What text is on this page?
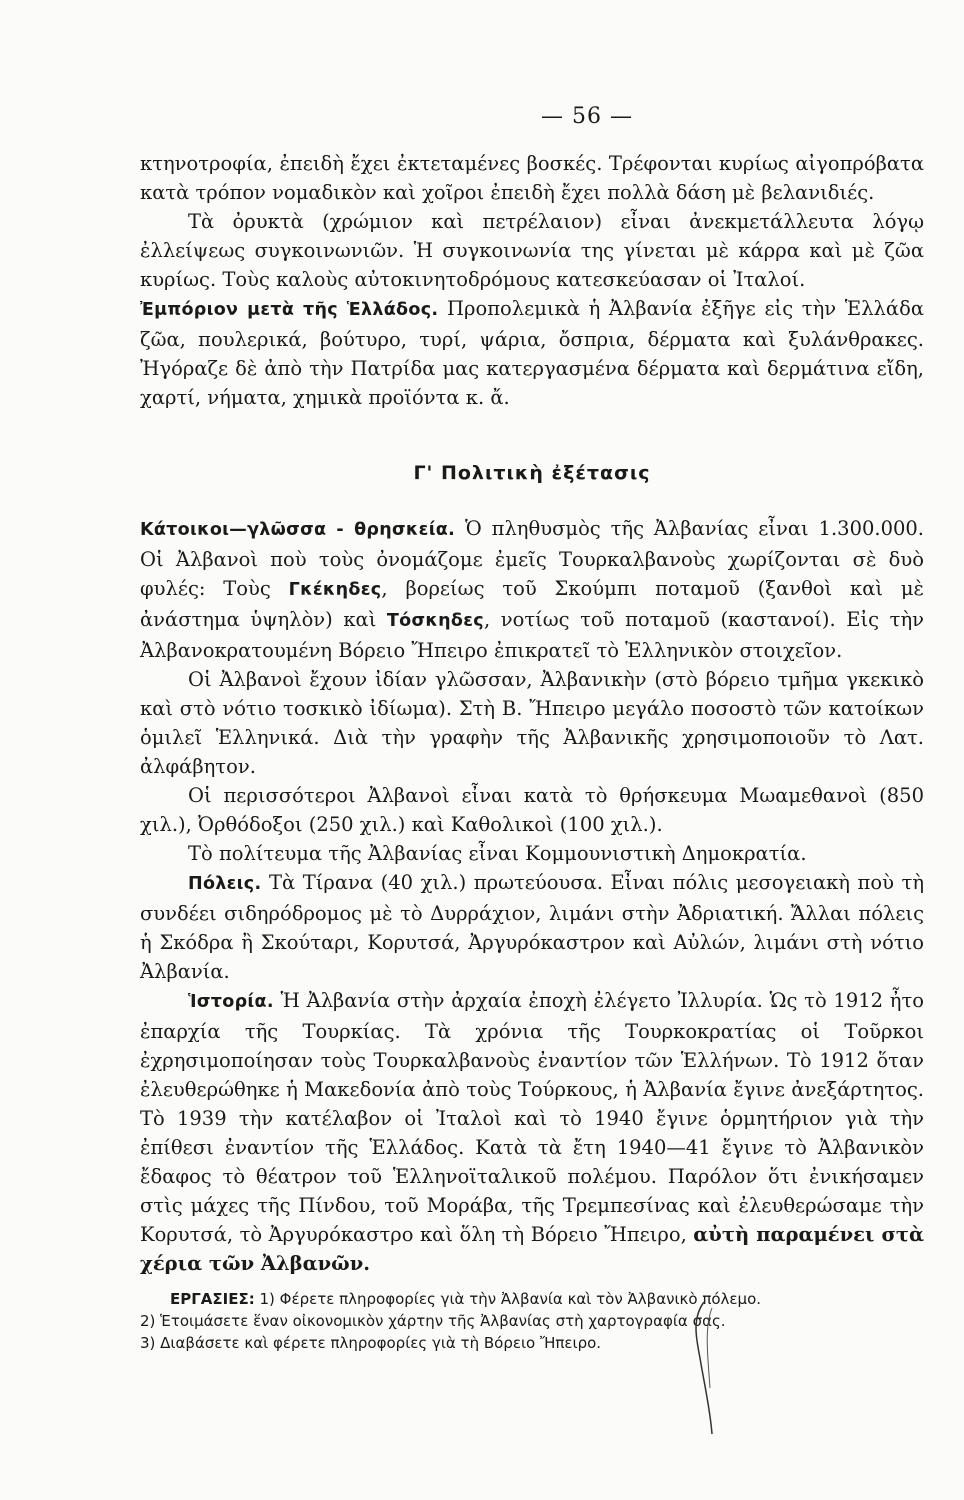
— 56 —

κτηνοτροφία, ἐπειδὴ ἔχει ἐκτεταμένες βοσκές. Τρέφονται κυρίως αἰγοπρόβατα κατὰ τρόπον νομαδικὸν καὶ χοῖροι ἐπειδὴ ἔχει πολλὰ δάση μὲ βελανιδιές.

Τὰ ὀρυκτὰ (χρώμιον καὶ πετρέλαιον) εἶναι ἀνεκμετάλλευτα λόγῳ ἐλλείψεως συγκοινωνιῶν. Ἡ συγκοινωνία της γίνεται μὲ κάρρα καὶ μὲ ζῶα κυρίως. Τοὺς καλοὺς αὐτοκινητοδρόμους κατεσκεύασαν οἱ Ἰταλοί.

Ἐμπόριον μετὰ τῆς Ἑλλάδος. Προπολεμικὰ ἡ Ἀλβανία ἐξῆγε εἰς τὴν Ἑλλάδα ζῶα, πουλερικά, βούτυρο, τυρί, ψάρια, ὄσπρια, δέρματα καὶ ξυλάνθρακες. Ἠγόραζε δὲ ἀπὸ τὴν Πατρίδα μας κατεργασμένα δέρματα καὶ δερμάτινα εἴδη, χαρτί, νήματα, χημικὰ προϊόντα κ. ἄ.

Γ' Πολιτικὴ ἐξέτασις

Κάτοικοι—γλῶσσα - θρησκεία. Ὁ πληθυσμὸς τῆς Ἀλβανίας εἶναι 1.300.000. Οἱ Ἀλβανοὶ ποὺ τοὺς ὀνομάζομε ἐμεῖς Τουρκαλβανοὺς χωρίζονται σὲ δυὸ φυλές: Τοὺς Γκέκηδες, βορείως τοῦ Σκούμπι ποταμοῦ (ξανθοὶ καὶ μὲ ἀνάστημα ὑψηλὸν) καὶ Τόσκηδες, νοτίως τοῦ ποταμοῦ (καστανοί). Εἰς τὴν Ἀλβανοκρατουμένη Βόρειο Ἤπειρο ἐπικρατεῖ τὸ Ἑλληνικὸν στοιχεῖον.

Οἱ Ἀλβανοὶ ἔχουν ἰδίαν γλῶσσαν, Ἀλβανικὴν (στὸ βόρειο τμῆμα γκεκικὸ καὶ στὸ νότιο τοσκικὸ ἰδίωμα). Στὴ Β. Ἤπειρο μεγάλο ποσοστὸ τῶν κατοίκων ὁμιλεῖ Ἑλληνικά. Διὰ τὴν γραφὴν τῆς Ἀλβανικῆς χρησιμοποιοῦν τὸ Λατ. ἀλφάβητον.

Οἱ περισσότεροι Ἀλβανοὶ εἶναι κατὰ τὸ θρήσκευμα Μωαμεθανοὶ (850 χιλ.), Ὀρθόδοξοι (250 χιλ.) καὶ Καθολικοὶ (100 χιλ.).

Τὸ πολίτευμα τῆς Ἀλβανίας εἶναι Κομμουνιστικὴ Δημοκρατία.

Πόλεις. Τὰ Τίρανα (40 χιλ.) πρωτεύουσα. Εἶναι πόλις μεσογειακὴ ποὺ τὴ συνδέει σιδηρόδρομος μὲ τὸ Δυρράχιον, λιμάνι στὴν Ἀδριατική. Ἄλλαι πόλεις ἡ Σκόδρα ἢ Σκούταρι, Κορυτσά, Ἀργυρόκαστρον καὶ Αὐλών, λιμάνι στὴ νότιο Ἀλβανία.

Ἱστορία. Ἡ Ἀλβανία στὴν ἀρχαία ἐποχὴ ἐλέγετο Ἰλλυρία. Ὡς τὸ 1912 ἦτο ἐπαρχία τῆς Τουρκίας. Τὰ χρόνια τῆς Τουρκοκρατίας οἱ Τοῦρκοι ἐχρησιμοποίησαν τοὺς Τουρκαλβανοὺς ἐναντίον τῶν Ἑλλήνων. Τὸ 1912 ὅταν ἐλευθερώθηκε ἡ Μακεδονία ἀπὸ τοὺς Τούρκους, ἡ Ἀλβανία ἔγινε ἀνεξάρτητος. Τὸ 1939 τὴν κατέλαβον οἱ Ἰταλοὶ καὶ τὸ 1940 ἔγινε ὁρμητήριον γιὰ τὴν ἐπίθεσι ἐναντίον τῆς Ἑλλάδος. Κατὰ τὰ ἔτη 1940—41 ἔγινε τὸ Ἀλβανικὸν ἔδαφος τὸ θέατρον τοῦ Ἑλληνοϊταλικοῦ πολέμου. Παρόλον ὅτι ἐνικήσαμεν στὶς μάχες τῆς Πίνδου, τοῦ Μοράβα, τῆς Τρεμπεσίνας καὶ ἐλευθερώσαμε τὴν Κορυτσά, τὸ Ἀργυρόκαστρο καὶ ὅλη τὴ Βόρειο Ἤπειρο, αὐτὴ παραμένει στὰ χέρια τῶν Ἀλβανῶν.

ΕΡΓΑΣΙΕΣ: 1) Φέρετε πληροφορίες γιὰ τὴν Ἀλβανία καὶ τὸν Ἀλβανικὸ πόλεμο.
2) Ἑτοιμάσετε ἕναν οἰκονομικὸν χάρτην τῆς Ἀλβανίας στὴ χαρτογραφία σας.
3) Διαβάσετε καὶ φέρετε πληροφορίες γιὰ τὴ Βόρειο Ἤπειρο.
